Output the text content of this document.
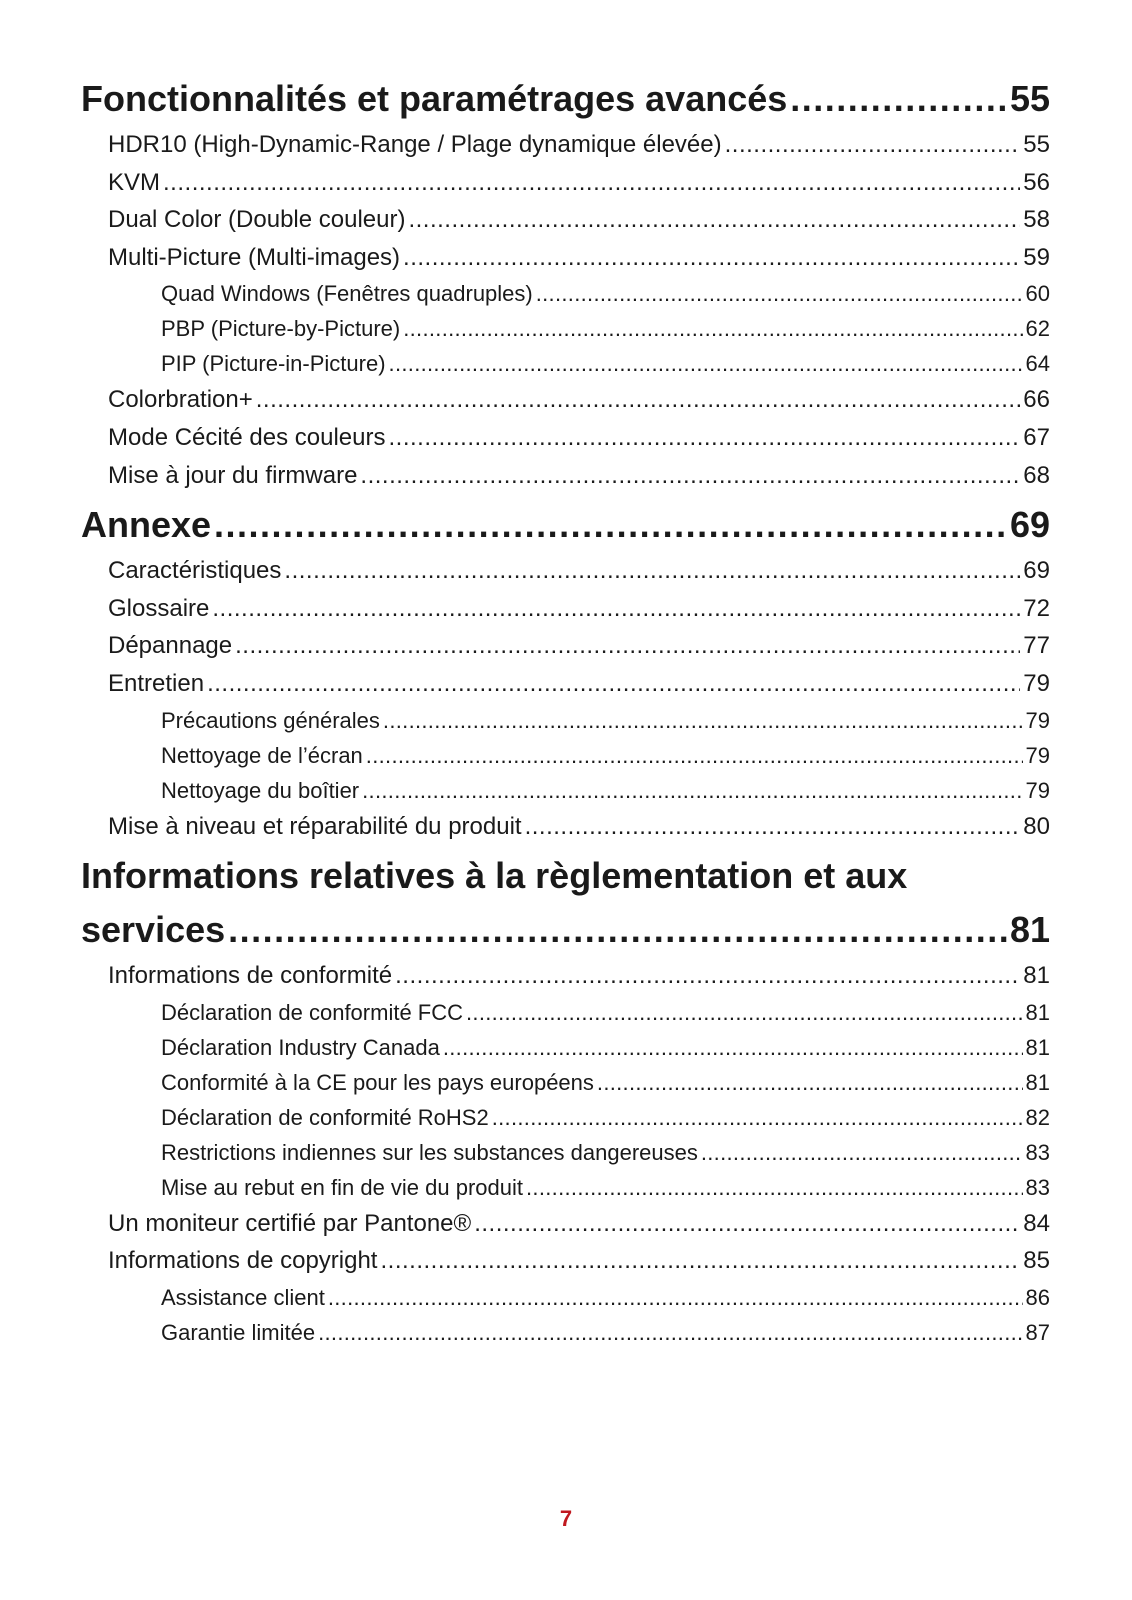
Fonctionnalités et paramétrages avancés .....	55
HDR10 (High-Dynamic-Range / Plage dynamique élevée) .....	55
KVM .....	56
Dual Color (Double couleur) .....	58
Multi-Picture (Multi-images) .....	59
Quad Windows (Fenêtres quadruples) .....	60
PBP (Picture-by-Picture) .....	62
PIP (Picture-in-Picture) .....	64
Colorbration+ .....	66
Mode Cécité des couleurs .....	67
Mise à jour du firmware .....	68
Annexe .....	69
Caractéristiques .....	69
Glossaire .....	72
Dépannage .....	77
Entretien .....	79
Précautions générales .....	79
Nettoyage de l’écran .....	79
Nettoyage du boîtier .....	79
Mise à niveau et réparabilité du produit .....	80
Informations relatives à la règlementation et aux
services .....	81
Informations de conformité .....	81
Déclaration de conformité FCC .....	81
Déclaration Industry Canada .....	81
Conformité à la CE pour les pays européens .....	81
Déclaration de conformité RoHS2 .....	82
Restrictions indiennes sur les substances dangereuses .....	83
Mise au rebut en fin de vie du produit .....	83
Un moniteur certifié par Pantone® .....	84
Informations de copyright .....	85
Assistance client .....	86
Garantie limitée .....	87
7
